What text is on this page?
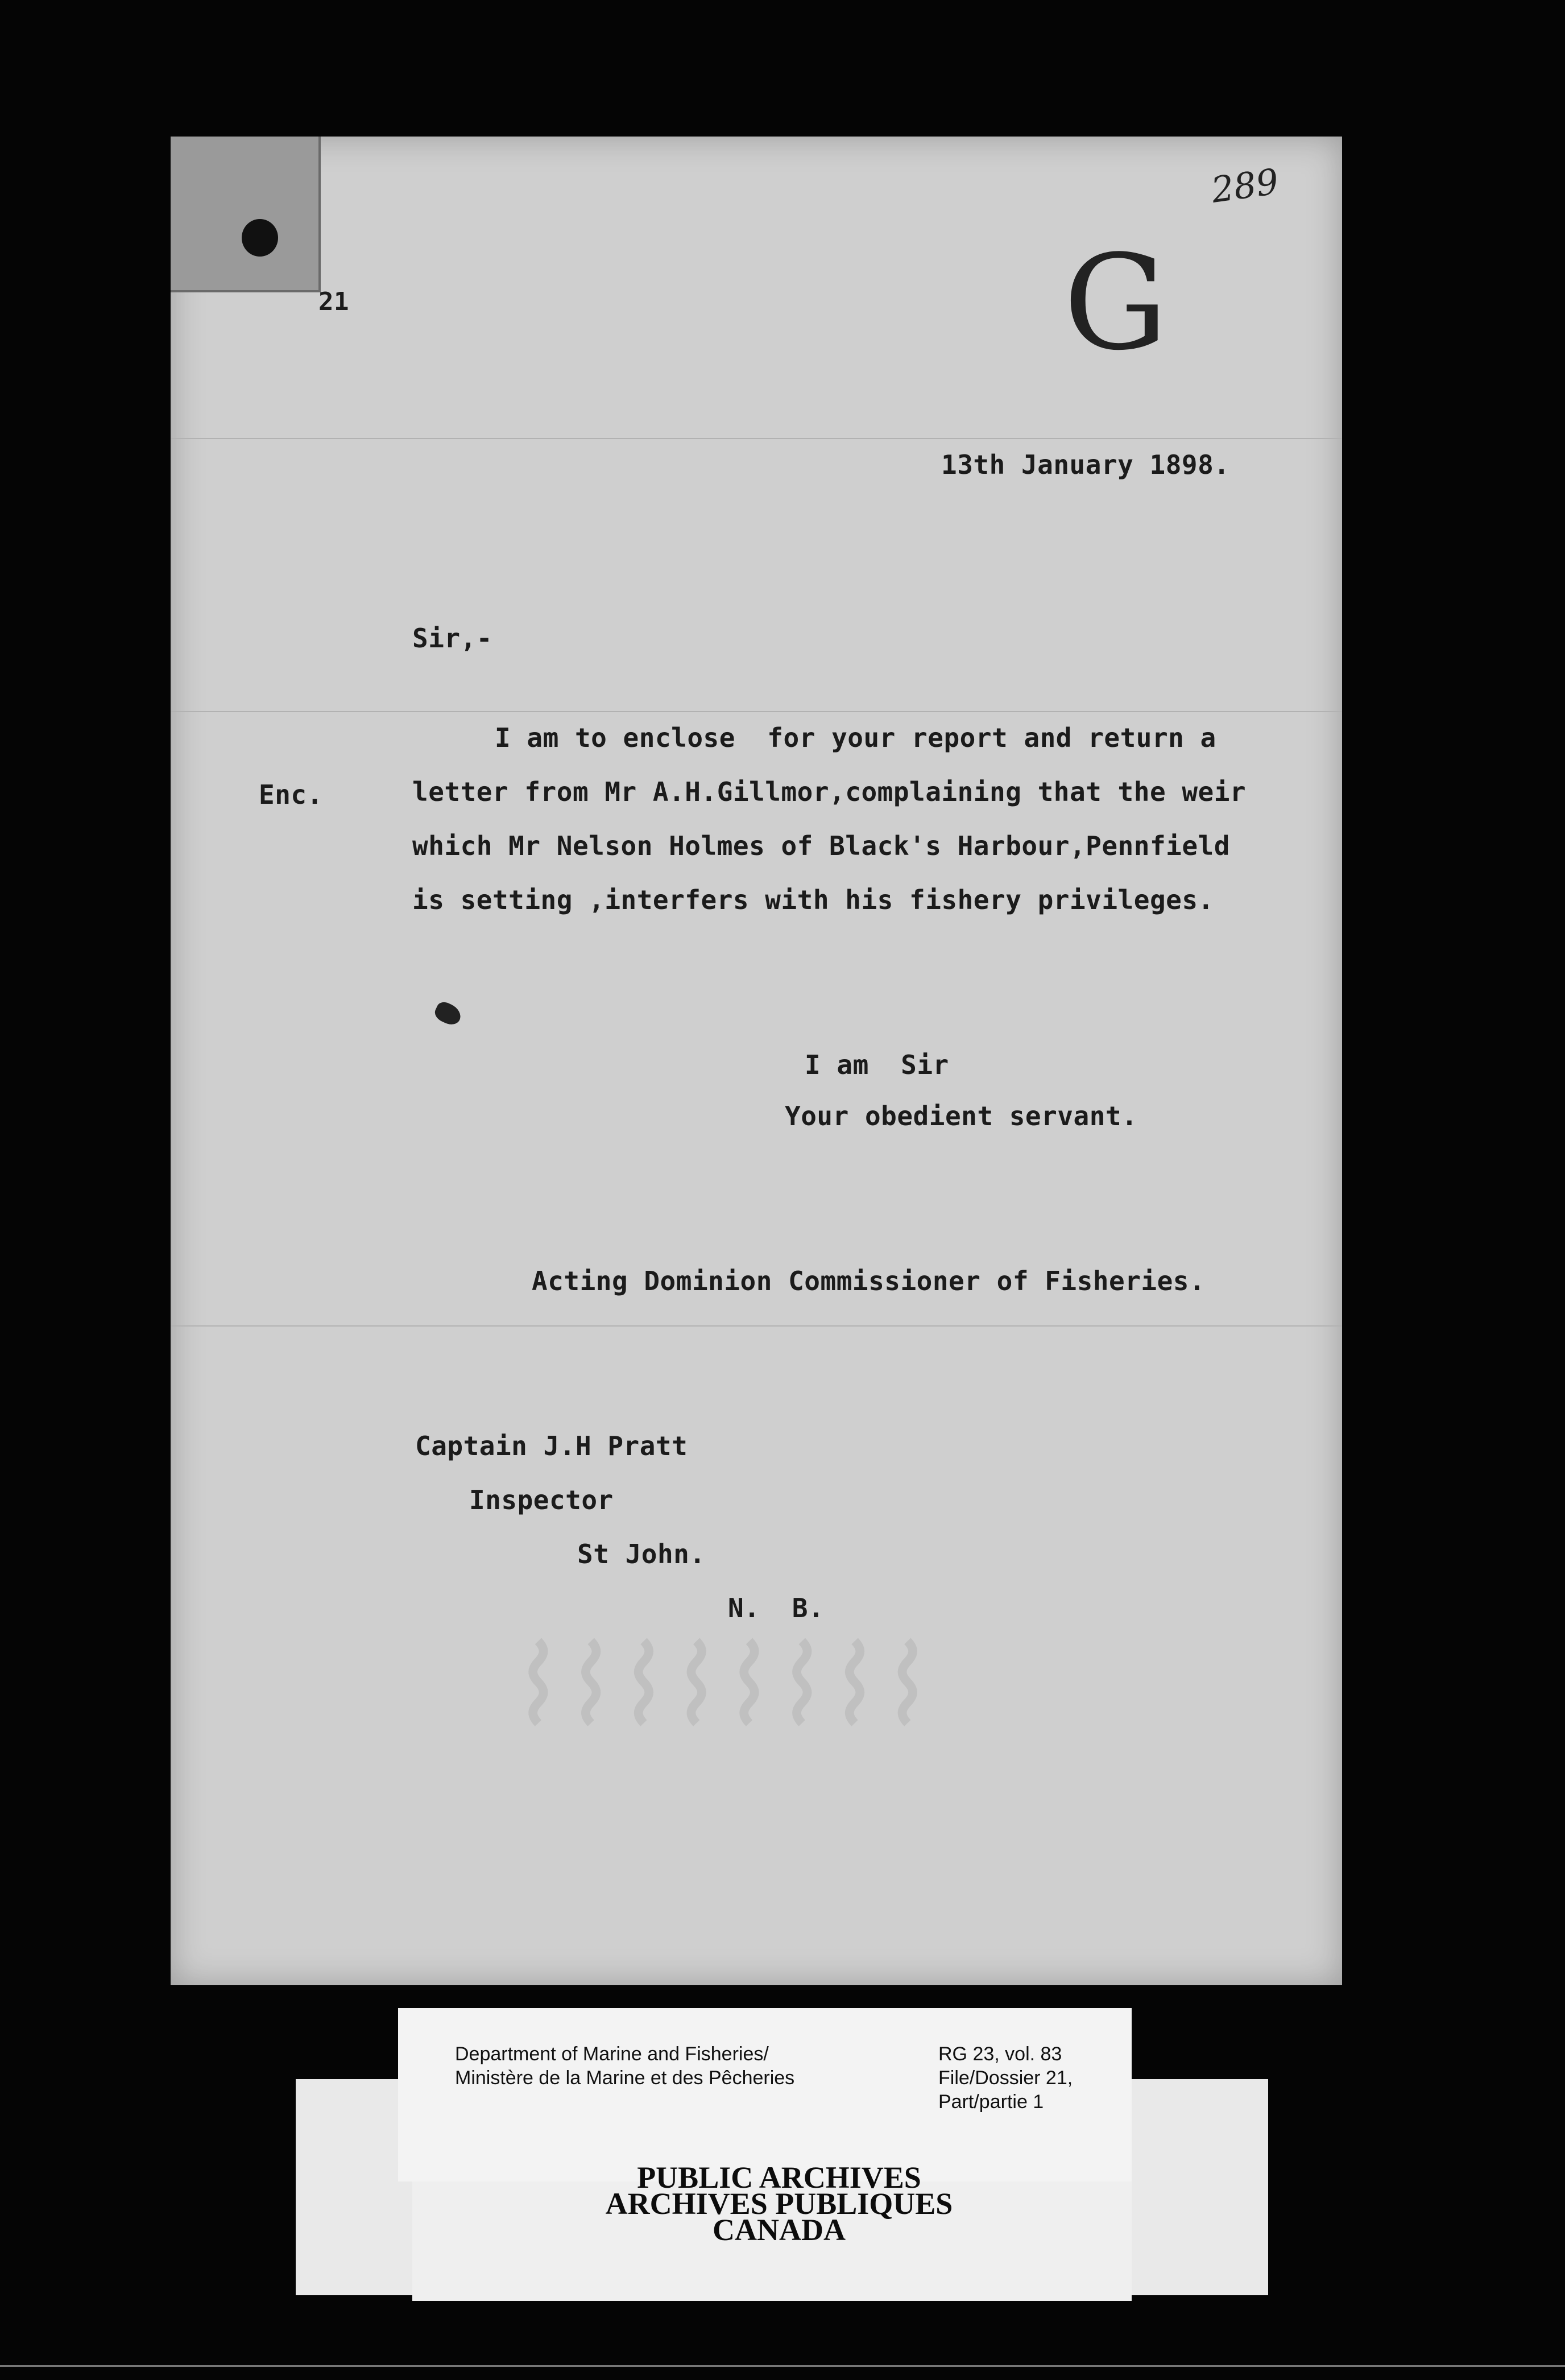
21
289
G
13th January 1898.
Sir,-
Enc.
I am to enclose  for your report and return a
letter from Mr A.H.Gillmor,complaining that the weir
which Mr Nelson Holmes of Black's Harbour,Pennfield
is setting ,interfers with his fishery privileges.
I am  Sir
Your obedient servant.
Acting Dominion Commissioner of Fisheries.
Captain J.H Pratt
Inspector
St John.
N.  B.
⌇⌇⌇⌇⌇⌇⌇⌇
Department of Marine and Fisheries/
Ministère de la Marine et des Pêcheries
RG 23, vol. 83
File/Dossier 21,
Part/partie 1
PUBLIC ARCHIVES
ARCHIVES PUBLIQUES
CANADA
